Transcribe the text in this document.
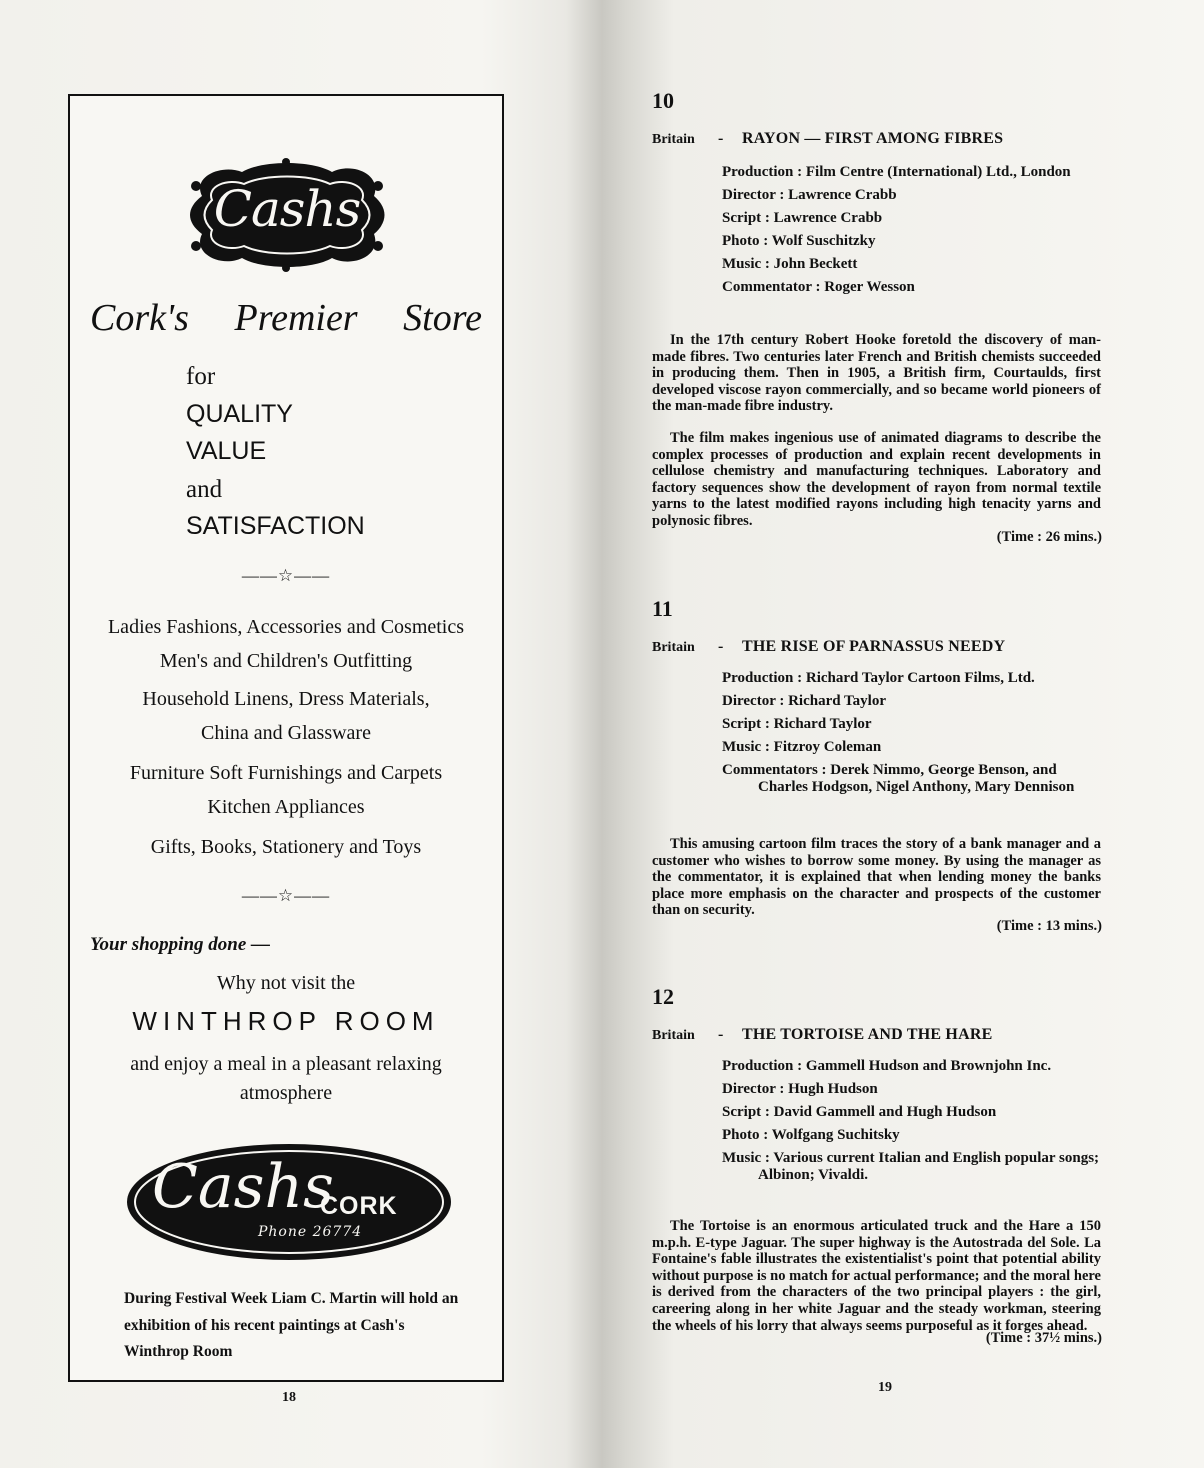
Cashs
Cork's Premier Store
for
QUALITY
VALUE
and
SATISFACTION
——☆——
Ladies Fashions, Accessories and Cosmetics
Men's and Children's Outfitting
Household Linens, Dress Materials,
China and Glassware
Furniture Soft Furnishings and Carpets
Kitchen Appliances
Gifts, Books, Stationery and Toys
——☆——
Your shopping done —
Why not visit the
WINTHROP ROOM
and enjoy a meal in a pleasant relaxing atmosphere
Cashs
CORK
Phone 26774
During Festival Week Liam C. Martin will hold an exhibition of his recent paintings at Cash's Winthrop Room
18
10
Britain - RAYON — FIRST AMONG FIBRES
Production : Film Centre (International) Ltd., London
Director : Lawrence Crabb
Script : Lawrence Crabb
Photo : Wolf Suschitzky
Music : John Beckett
Commentator : Roger Wesson
In the 17th century Robert Hooke foretold the discovery of man-made fibres. Two centuries later French and British chemists succeeded in producing them. Then in 1905, a British firm, Courtaulds, first developed viscose rayon commercially, and so became world pioneers of the man-made fibre industry.
The film makes ingenious use of animated diagrams to describe the complex processes of production and explain recent developments in cellulose chemistry and manufacturing techniques. Laboratory and factory sequences show the development of rayon from normal textile yarns to the latest modified rayons including high tenacity yarns and polynosic fibres.
(Time : 26 mins.)
11
Britain - THE RISE OF PARNASSUS NEEDY
Production : Richard Taylor Cartoon Films, Ltd.
Director : Richard Taylor
Script : Richard Taylor
Music : Fitzroy Coleman
Commentators : Derek Nimmo, George Benson, and Charles Hodgson, Nigel Anthony, Mary Dennison
This amusing cartoon film traces the story of a bank manager and a customer who wishes to borrow some money. By using the manager as the commentator, it is explained that when lending money the banks place more emphasis on the character and prospects of the customer than on security.
(Time : 13 mins.)
12
Britain - THE TORTOISE AND THE HARE
Production : Gammell Hudson and Brownjohn Inc.
Director : Hugh Hudson
Script : David Gammell and Hugh Hudson
Photo : Wolfgang Suchitsky
Music : Various current Italian and English popular songs; Albinon; Vivaldi.
The Tortoise is an enormous articulated truck and the Hare a 150 m.p.h. E-type Jaguar. The super highway is the Autostrada del Sole. La Fontaine's fable illustrates the existentialist's point that potential ability without purpose is no match for actual performance; and the moral here is derived from the characters of the two principal players : the girl, careering along in her white Jaguar and the steady workman, steering the wheels of his lorry that always seems purposeful as it forges ahead.
(Time : 37½ mins.)
19
